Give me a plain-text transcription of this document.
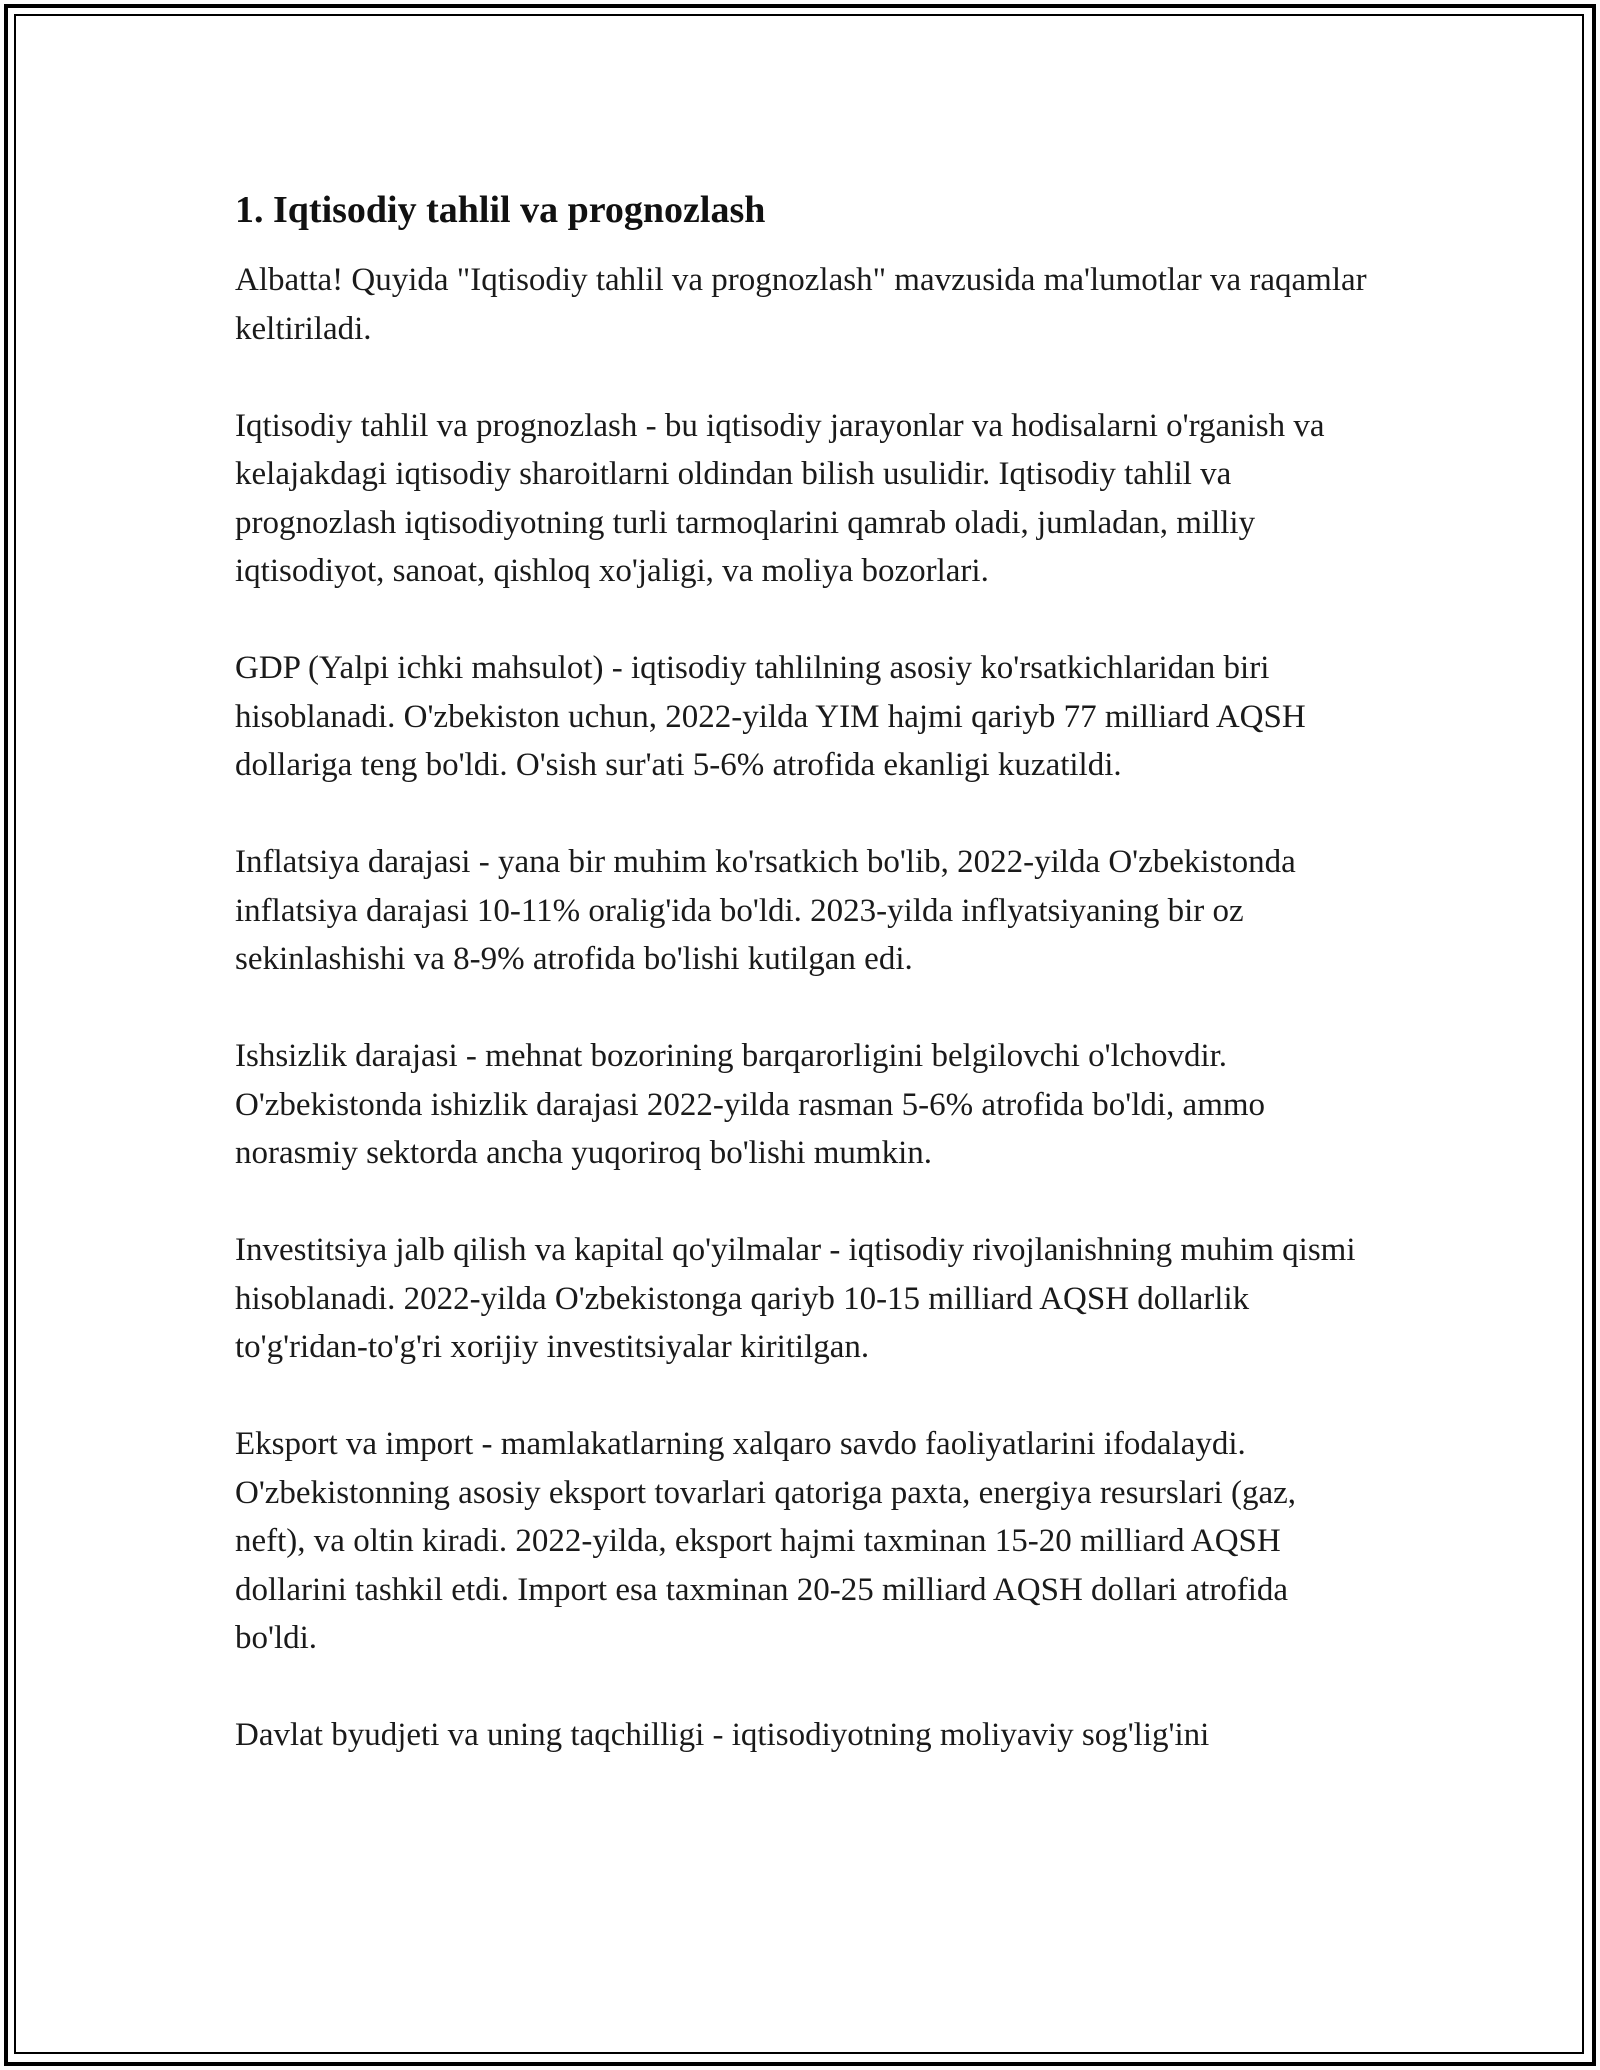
1. Iqtisodiy tahlil va prognozlash

Albatta! Quyida "Iqtisodiy tahlil va prognozlash" mavzusida ma'lumotlar va raqamlar keltiriladi.

Iqtisodiy tahlil va prognozlash - bu iqtisodiy jarayonlar va hodisalarni o'rganish va kelajakdagi iqtisodiy sharoitlarni oldindan bilish usulidir. Iqtisodiy tahlil va prognozlash iqtisodiyotning turli tarmoqlarini qamrab oladi, jumladan, milliy iqtisodiyot, sanoat, qishloq xo'jaligi, va moliya bozorlari.

GDP (Yalpi ichki mahsulot) - iqtisodiy tahlilning asosiy ko'rsatkichlaridan biri hisoblanadi. O'zbekiston uchun, 2022-yilda YIM hajmi qariyb 77 milliard AQSH dollariga teng bo'ldi. O'sish sur'ati 5-6% atrofida ekanligi kuzatildi.

Inflatsiya darajasi - yana bir muhim ko'rsatkich bo'lib, 2022-yilda O'zbekistonda inflatsiya darajasi 10-11% oralig'ida bo'ldi. 2023-yilda inflyatsiyaning bir oz sekinlashishi va 8-9% atrofida bo'lishi kutilgan edi.

Ishsizlik darajasi - mehnat bozorining barqarorligini belgilovchi o'lchovdir. O'zbekistonda ishizlik darajasi 2022-yilda rasman 5-6% atrofida bo'ldi, ammo norasmiy sektorda ancha yuqoriroq bo'lishi mumkin.

Investitsiya jalb qilish va kapital qo'yilmalar - iqtisodiy rivojlanishning muhim qismi hisoblanadi. 2022-yilda O'zbekistonga qariyb 10-15 milliard AQSH dollarlik to'g'ridan-to'g'ri xorijiy investitsiyalar kiritilgan.

Eksport va import - mamlakatlarning xalqaro savdo faoliyatlarini ifodalaydi. O'zbekistonning asosiy eksport tovarlari qatoriga paxta, energiya resurslari (gaz, neft), va oltin kiradi. 2022-yilda, eksport hajmi taxminan 15-20 milliard AQSH dollarini tashkil etdi. Import esa taxminan 20-25 milliard AQSH dollari atrofida bo'ldi.

Davlat byudjeti va uning taqchilligi - iqtisodiyotning moliyaviy sog'lig'ini
